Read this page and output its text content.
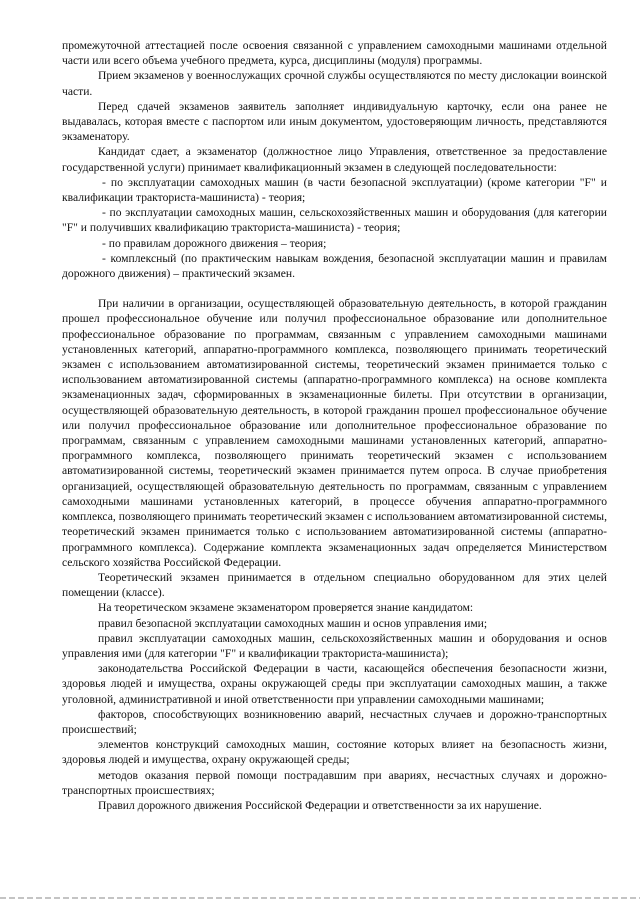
промежуточной аттестацией после освоения связанной с управлением самоходными машинами отдельной части или всего объема учебного предмета, курса, дисциплины (модуля) программы.

Прием экзаменов у военнослужащих срочной службы осуществляются по месту дислокации воинской части.

Перед сдачей экзаменов заявитель заполняет индивидуальную карточку, если она ранее не выдавалась, которая вместе с паспортом или иным документом, удостоверяющим личность, представляются экзаменатору.

Кандидат сдает, а экзаменатор (должностное лицо Управления, ответственное за предоставление государственной услуги) принимает квалификационный экзамен в следующей последовательности:

- по эксплуатации самоходных машин (в части безопасной эксплуатации) (кроме категории "F" и квалификации тракториста-машиниста) - теория;

- по эксплуатации самоходных машин, сельскохозяйственных машин и оборудования (для категории "F" и получивших квалификацию тракториста-машиниста) - теория;

- по правилам дорожного движения – теория;

- комплексный (по практическим навыкам вождения, безопасной эксплуатации машин и правилам дорожного движения) – практический экзамен.

При наличии в организации, осуществляющей образовательную деятельность, в которой гражданин прошел профессиональное обучение или получил профессиональное образование или дополнительное профессиональное образование по программам, связанным с управлением самоходными машинами установленных категорий, аппаратно-программного комплекса, позволяющего принимать теоретический экзамен с использованием автоматизированной системы, теоретический экзамен принимается только с использованием автоматизированной системы (аппаратно-программного комплекса) на основе комплекта экзаменационных задач, сформированных в экзаменационные билеты. При отсутствии в организации, осуществляющей образовательную деятельность, в которой гражданин прошел профессиональное обучение или получил профессиональное образование или дополнительное профессиональное образование по программам, связанным с управлением самоходными машинами установленных категорий, аппаратно-программного комплекса, позволяющего принимать теоретический экзамен с использованием автоматизированной системы, теоретический экзамен принимается путем опроса. В случае приобретения организацией, осуществляющей образовательную деятельность по программам, связанным с управлением самоходными машинами установленных категорий, в процессе обучения аппаратно-программного комплекса, позволяющего принимать теоретический экзамен с использованием автоматизированной системы, теоретический экзамен принимается только с использованием автоматизированной системы (аппаратно-программного комплекса). Содержание комплекта экзаменационных задач определяется Министерством сельского хозяйства Российской Федерации.

Теоретический экзамен принимается в отдельном специально оборудованном для этих целей помещении (классе).

На теоретическом экзамене экзаменатором проверяется знание кандидатом:

правил безопасной эксплуатации самоходных машин и основ управления ими;

правил эксплуатации самоходных машин, сельскохозяйственных машин и оборудования и основ управления ими (для категории "F" и квалификации тракториста-машиниста);

законодательства Российской Федерации в части, касающейся обеспечения безопасности жизни, здоровья людей и имущества, охраны окружающей среды при эксплуатации самоходных машин, а также уголовной, административной и иной ответственности при управлении самоходными машинами;

факторов, способствующих возникновению аварий, несчастных случаев и дорожно-транспортных происшествий;

элементов конструкций самоходных машин, состояние которых влияет на безопасность жизни, здоровья людей и имущества, охрану окружающей среды;

методов оказания первой помощи пострадавшим при авариях, несчастных случаях и дорожно-транспортных происшествиях;

Правил дорожного движения Российской Федерации и ответственности за их нарушение.
